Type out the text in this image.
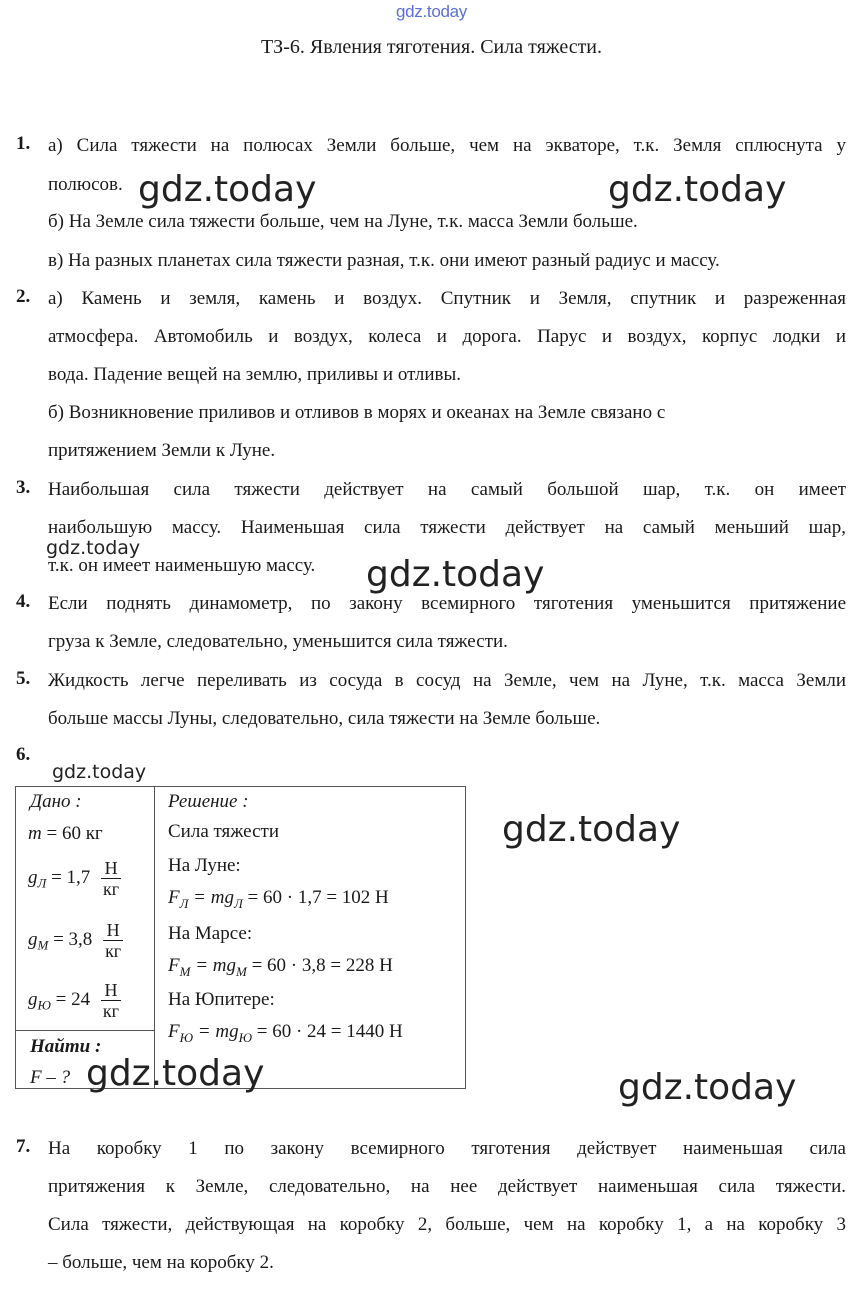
gdz.today
ТЗ-6. Явления тяготения. Сила тяжести.
1. а) Сила тяжести на полюсах Земли больше, чем на экваторе, т.к. Земля сплюснута у
полюсов.
б) На Земле сила тяжести больше, чем на Луне, т.к. масса Земли больше.
в) На разных планетах сила тяжести разная, т.к. они имеют разный радиус и массу.
2. а) Камень и земля, камень и воздух. Спутник и Земля, спутник и разреженная
атмосфера. Автомобиль и воздух, колеса и дорога. Парус и воздух, корпус лодки и
вода. Падение вещей на землю, приливы и отливы.
б) Возникновение приливов и отливов в морях и океанах на Земле связано с
притяжением Земли к Луне.
3. Наибольшая сила тяжести действует на самый большой шар, т.к. он имеет
наибольшую массу. Наименьшая сила тяжести действует на самый меньший шар,
т.к. он имеет наименьшую массу.
4. Если поднять динамометр, по закону всемирного тяготения уменьшится притяжение
груза к Земле, следовательно, уменьшится сила тяжести.
5. Жидкость легче переливать из сосуда в сосуд на Земле, чем на Луне, т.к. масса Земли
больше массы Луны, следовательно, сила тяжести на Земле больше.
6.
Дано :
m = 60 кг
$g_Л = 1,7 \frac{Н}{кг}$
$g_М = 3,8 \frac{Н}{кг}$
$g_Ю = 24 \frac{Н}{кг}$
Найти :
F – ?
Решение :
Сила тяжести
На Луне:
$F_Л = mg_Л = 60 \cdot 1,7 = 102$ Н
На Марсе:
$F_М = mg_М = 60 \cdot 3,8 = 228$ Н
На Юпитере:
$F_Ю = mg_Ю = 60 \cdot 24 = 1440$ Н
7. На коробку 1 по закону всемирного тяготения действует наименьшая сила
притяжения к Земле, следовательно, на нее действует наименьшая сила тяжести.
Сила тяжести, действующая на коробку 2, больше, чем на коробку 1, а на коробку 3
– больше, чем на коробку 2.
gdz.today	gdz.today
gdz.today
gdz.today
gdz.today
gdz.today
gdz.today	gdz.today
